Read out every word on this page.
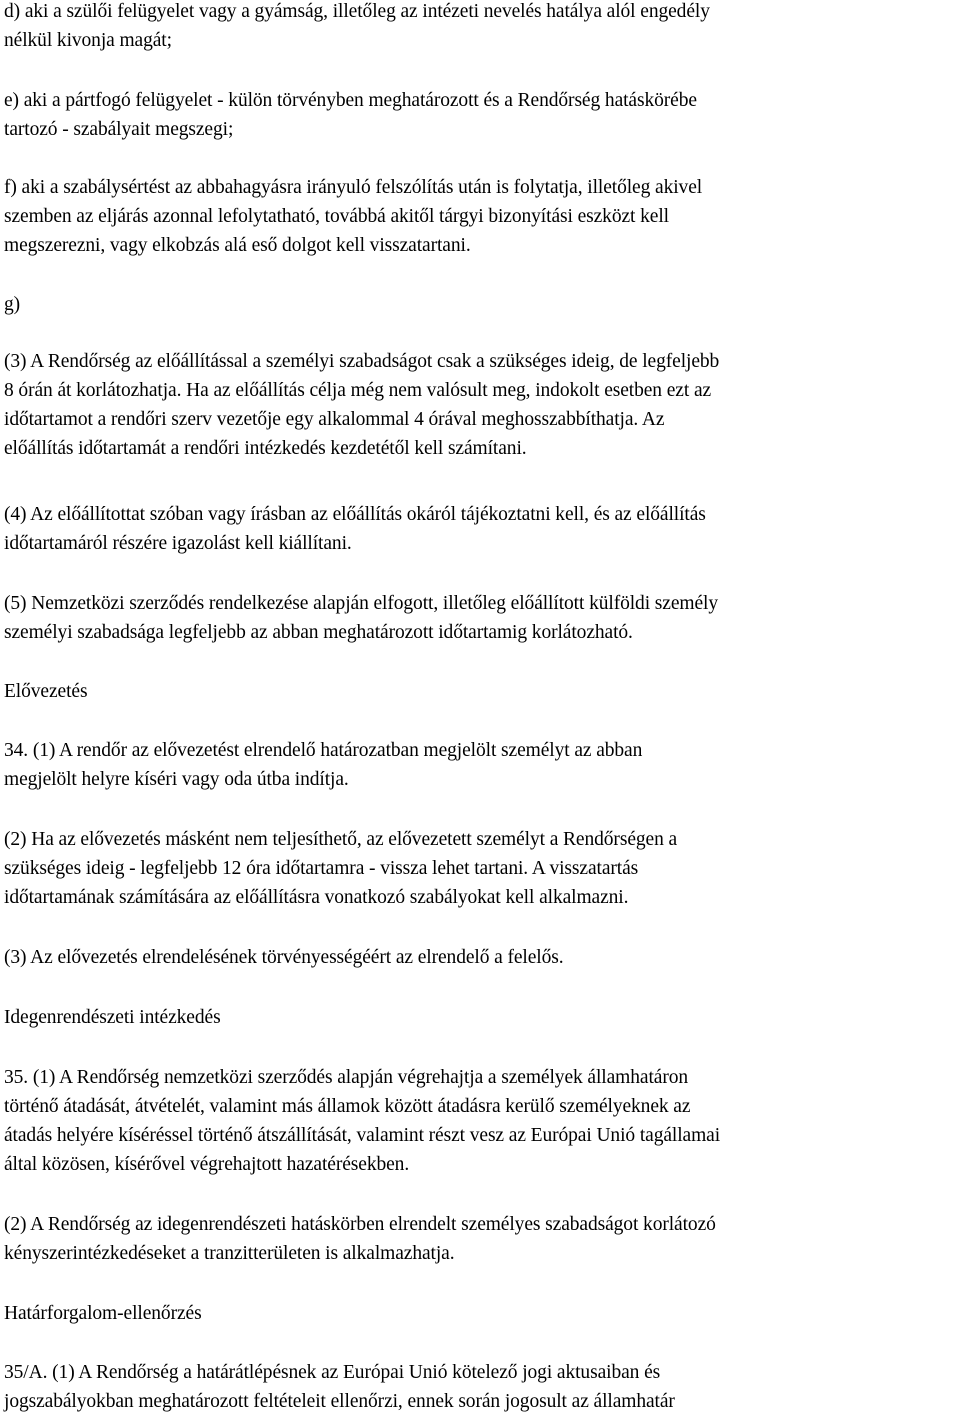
d) aki a szülői felügyelet vagy a gyámság, illetőleg az intézeti nevelés hatálya alól engedély
nélkül kivonja magát;
e) aki a pártfogó felügyelet - külön törvényben meghatározott és a Rendőrség hatáskörébe
tartozó - szabályait megszegi;
f) aki a szabálysértést az abbahagyásra irányuló felszólítás után is folytatja, illetőleg akivel
szemben az eljárás azonnal lefolytatható, továbbá akitől tárgyi bizonyítási eszközt kell
megszerezni, vagy elkobzás alá eső dolgot kell visszatartani.
g)
(3) A Rendőrség az előállítással a személyi szabadságot csak a szükséges ideig, de legfeljebb
8 órán át korlátozhatja. Ha az előállítás célja még nem valósult meg, indokolt esetben ezt az
időtartamot a rendőri szerv vezetője egy alkalommal 4 órával meghosszabbíthatja. Az
előállítás időtartamát a rendőri intézkedés kezdetétől kell számítani.
(4) Az előállítottat szóban vagy írásban az előállítás okáról tájékoztatni kell, és az előállítás
időtartamáról részére igazolást kell kiállítani.
(5) Nemzetközi szerződés rendelkezése alapján elfogott, illetőleg előállított külföldi személy
személyi szabadsága legfeljebb az abban meghatározott időtartamig korlátozható.
Elővezetés
34. (1) A rendőr az elővezetést elrendelő határozatban megjelölt személyt az abban
megjelölt helyre kíséri vagy oda útba indítja.
(2) Ha az elővezetés másként nem teljesíthető, az elővezetett személyt a Rendőrségen a
szükséges ideig - legfeljebb 12 óra időtartamra - vissza lehet tartani. A visszatartás
időtartamának számítására az előállításra vonatkozó szabályokat kell alkalmazni.
(3) Az elővezetés elrendelésének törvényességéért az elrendelő a felelős.
Idegenrendészeti intézkedés
35. (1) A Rendőrség nemzetközi szerződés alapján végrehajtja a személyek államhatáron
történő átadását, átvételét, valamint más államok között átadásra kerülő személyeknek az
átadás helyére kíséréssel történő átszállítását, valamint részt vesz az Európai Unió tagállamai
által közösen, kísérővel végrehajtott hazatérésekben.
(2) A Rendőrség az idegenrendészeti hatáskörben elrendelt személyes szabadságot korlátozó
kényszerintézkedéseket a tranzitterületen is alkalmazhatja.
Határforgalom-ellenőrzés
35/A. (1) A Rendőrség a határátlépésnek az Európai Unió kötelező jogi aktusaiban és
jogszabályokban meghatározott feltételeit ellenőrzi, ennek során jogosult az államhatár
